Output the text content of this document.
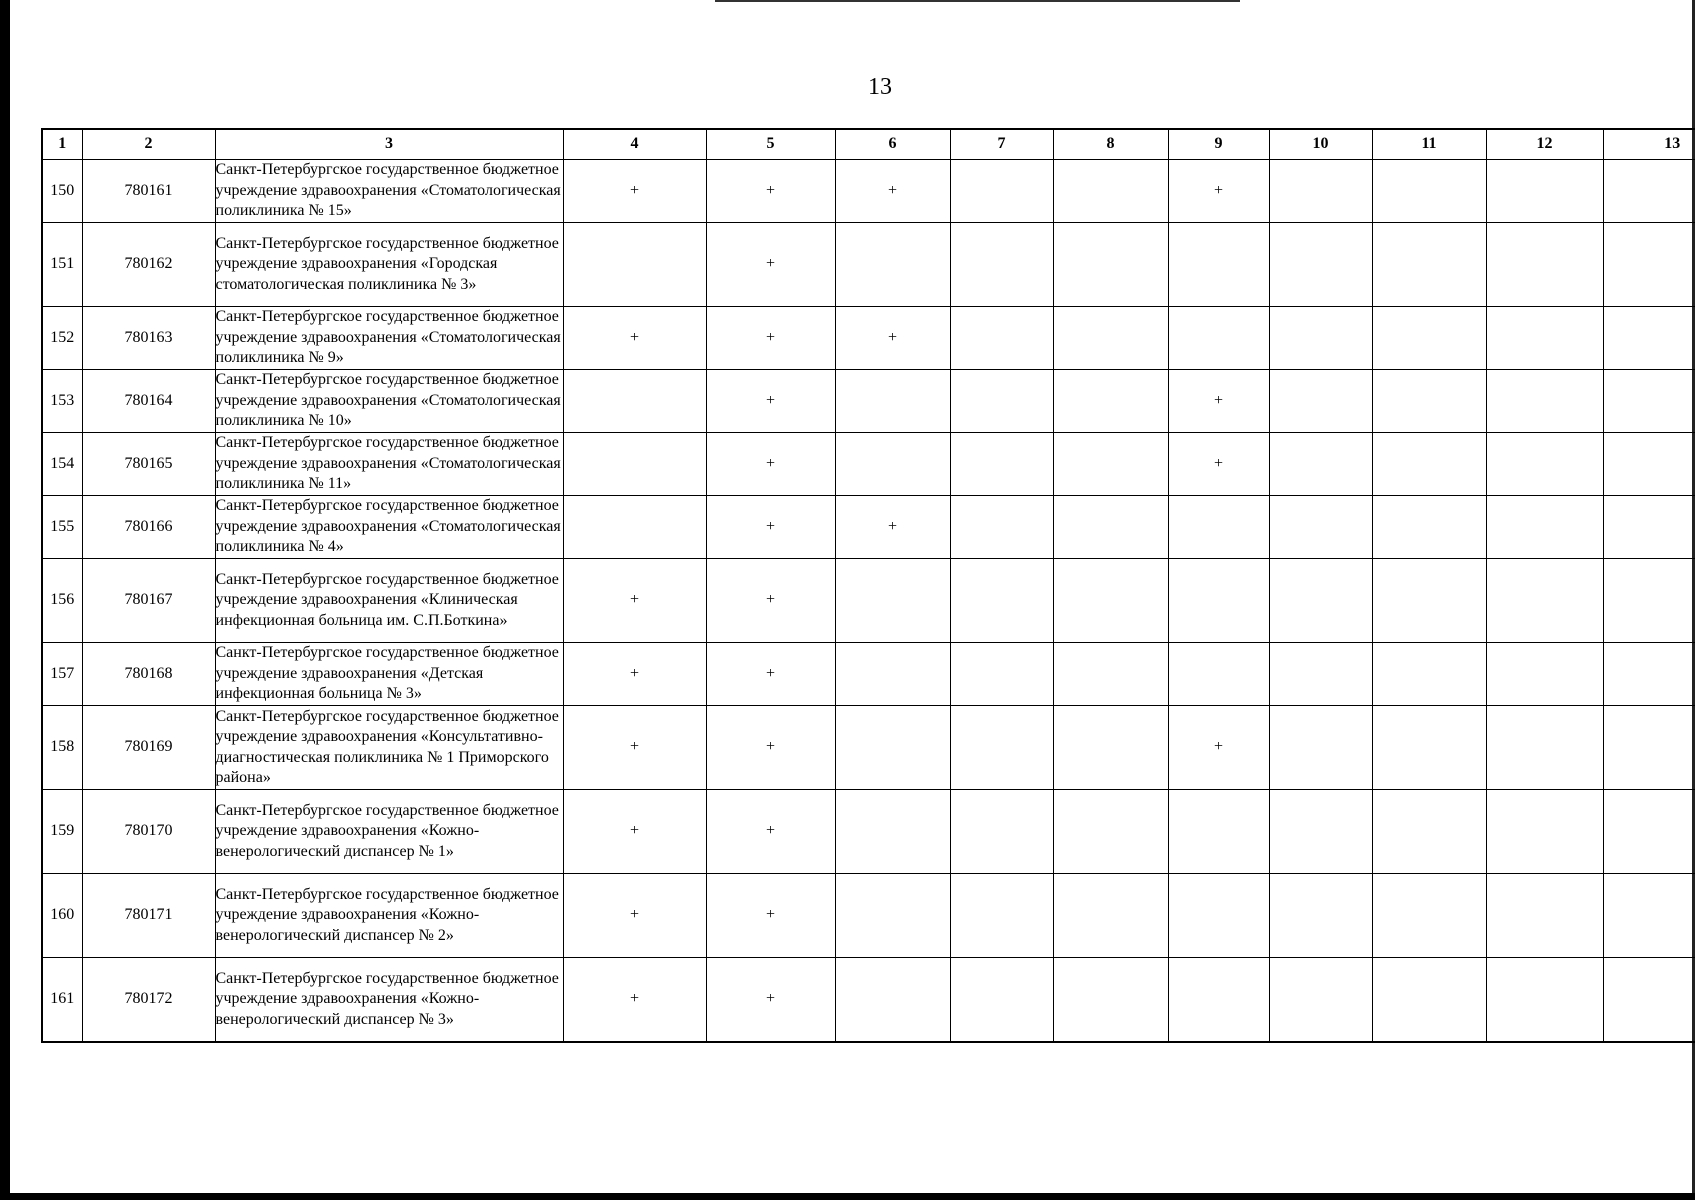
13
1	2	3	4	5	6	7	8	9	10	11	12	13
150	780161	Санкт-Петербургское государственное бюджетное учреждение здравоохранения «Стоматологическая поликлиника № 15»	+	+	+			+				
151	780162	Санкт-Петербургское государственное бюджетное учреждение здравоохранения «Городская стоматологическая поликлиника № 3»		+								
152	780163	Санкт-Петербургское государственное бюджетное учреждение здравоохранения «Стоматологическая поликлиника № 9»	+	+	+							
153	780164	Санкт-Петербургское государственное бюджетное учреждение здравоохранения «Стоматологическая поликлиника № 10»		+				+				
154	780165	Санкт-Петербургское государственное бюджетное учреждение здравоохранения «Стоматологическая поликлиника № 11»		+				+				
155	780166	Санкт-Петербургское государственное бюджетное учреждение здравоохранения «Стоматологическая поликлиника № 4»		+	+							
156	780167	Санкт-Петербургское государственное бюджетное учреждение здравоохранения «Клиническая инфекционная больница им. С.П.Боткина»	+	+								
157	780168	Санкт-Петербургское государственное бюджетное учреждение здравоохранения «Детская инфекционная больница № 3»	+	+								
158	780169	Санкт-Петербургское государственное бюджетное учреждение здравоохранения «Консультативно-диагностическая поликлиника № 1 Приморского района»	+	+				+				
159	780170	Санкт-Петербургское государственное бюджетное учреждение здравоохранения «Кожно-венерологический диспансер № 1»	+	+								
160	780171	Санкт-Петербургское государственное бюджетное учреждение здравоохранения «Кожно-венерологический диспансер № 2»	+	+								
161	780172	Санкт-Петербургское государственное бюджетное учреждение здравоохранения «Кожно-венерологический диспансер № 3»	+	+								
